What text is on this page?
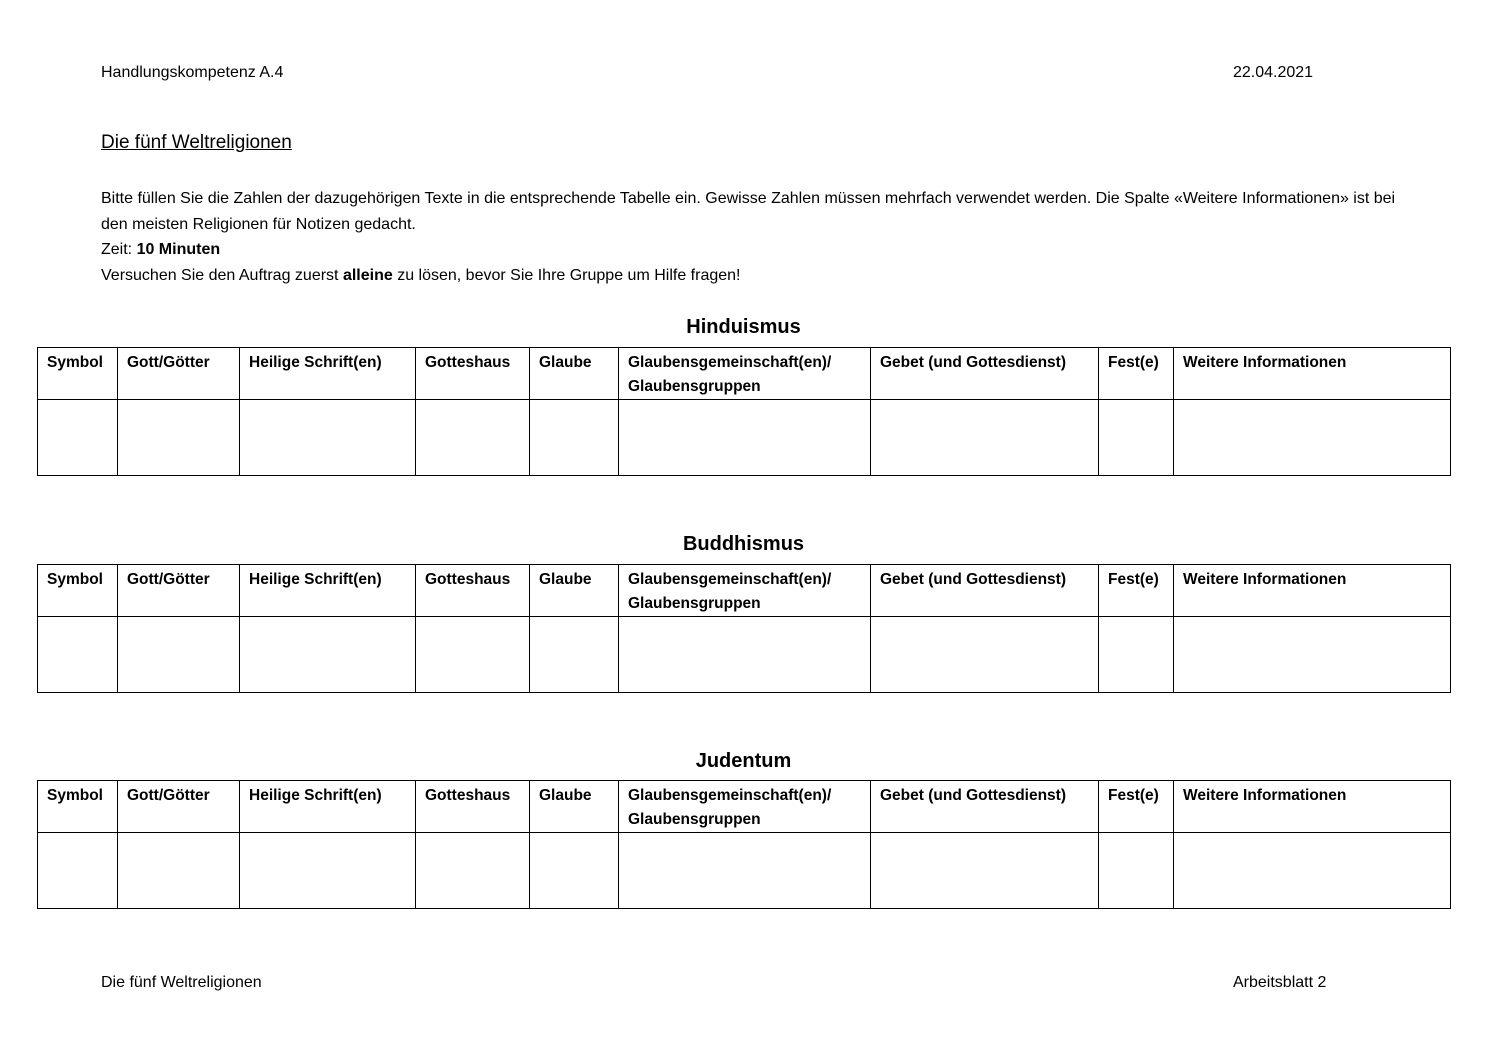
Handlungskompetenz A.4	22.04.2021
Die fünf Weltreligionen

Bitte füllen Sie die Zahlen der dazugehörigen Texte in die entsprechende Tabelle ein. Gewisse Zahlen müssen mehrfach verwendet werden. Die Spalte «Weitere Informationen» ist bei den meisten Religionen für Notizen gedacht.

Zeit: 10 Minuten

Versuchen Sie den Auftrag zuerst alleine zu lösen, bevor Sie Ihre Gruppe um Hilfe fragen!

Hinduismus
Symbol	Gott/Götter	Heilige Schrift(en)	Gotteshaus	Glaube	Glaubensgemeinschaft(en)/
Glaubensgruppen	Gebet (und Gottesdienst)	Fest(e)	Weitere Informationen

Buddhismus
Symbol	Gott/Götter	Heilige Schrift(en)	Gotteshaus	Glaube	Glaubensgemeinschaft(en)/
Glaubensgruppen	Gebet (und Gottesdienst)	Fest(e)	Weitere Informationen

Judentum
Symbol	Gott/Götter	Heilige Schrift(en)	Gotteshaus	Glaube	Glaubensgemeinschaft(en)/
Glaubensgruppen	Gebet (und Gottesdienst)	Fest(e)	Weitere Informationen

Die fünf Weltreligionen	Arbeitsblatt 2
